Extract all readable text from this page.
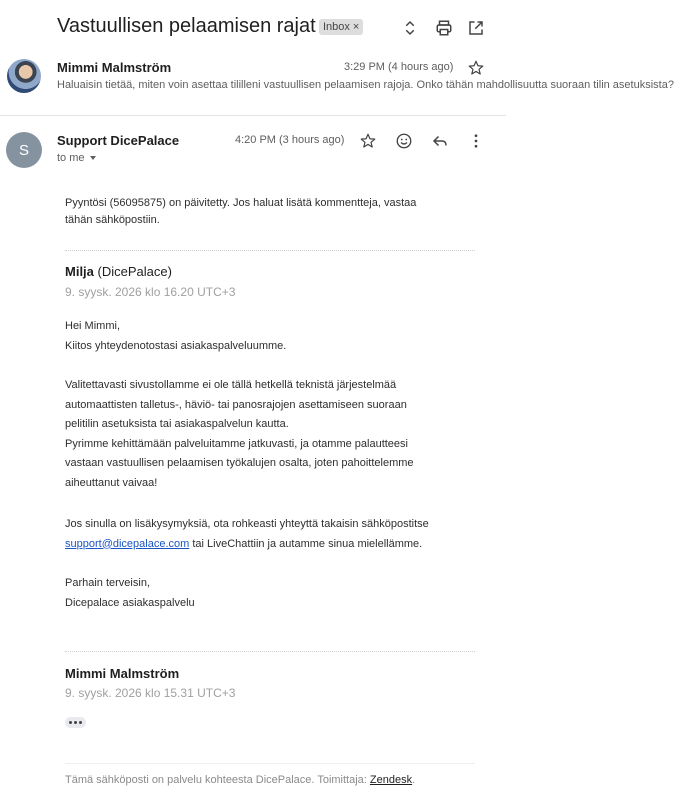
Vastuullisen pelaamisen rajat Inbox ×
Mimmi Malmström	3:29 PM (4 hours ago)
Haluaisin tietää, miten voin asettaa tililleni vastuullisen pelaamisen rajoja. Onko tähän mahdollisuutta suoraan tilin asetuksista?
S
Support DicePalace
to me
4:20 PM (3 hours ago)
Pyyntösi (56095875) on päivitetty. Jos haluat lisätä kommentteja, vastaa
tähän sähköpostiin.
Milja (DicePalace)
9. syysk. 2026 klo 16.20 UTC+3
Hei Mimmi,
Kiitos yhteydenotostasi asiakaspalveluumme.
Valitettavasti sivustollamme ei ole tällä hetkellä teknistä järjestelmää
automaattisten talletus-, häviö- tai panosrajojen asettamiseen suoraan
pelitilin asetuksista tai asiakaspalvelun kautta.
Pyrimme kehittämään palveluitamme jatkuvasti, ja otamme palautteesi
vastaan vastuullisen pelaamisen työkalujen osalta, joten pahoittelemme
aiheuttanut vaivaa!
Jos sinulla on lisäkysymyksiä, ota rohkeasti yhteyttä takaisin sähköpostitse
support@dicepalace.com tai LiveChattiin ja autamme sinua mielellämme.
Parhain terveisin,
Dicepalace asiakaspalvelu
Mimmi Malmström
9. syysk. 2026 klo 15.31 UTC+3
Tämä sähköposti on palvelu kohteesta DicePalace. Toimittaja: Zendesk.
